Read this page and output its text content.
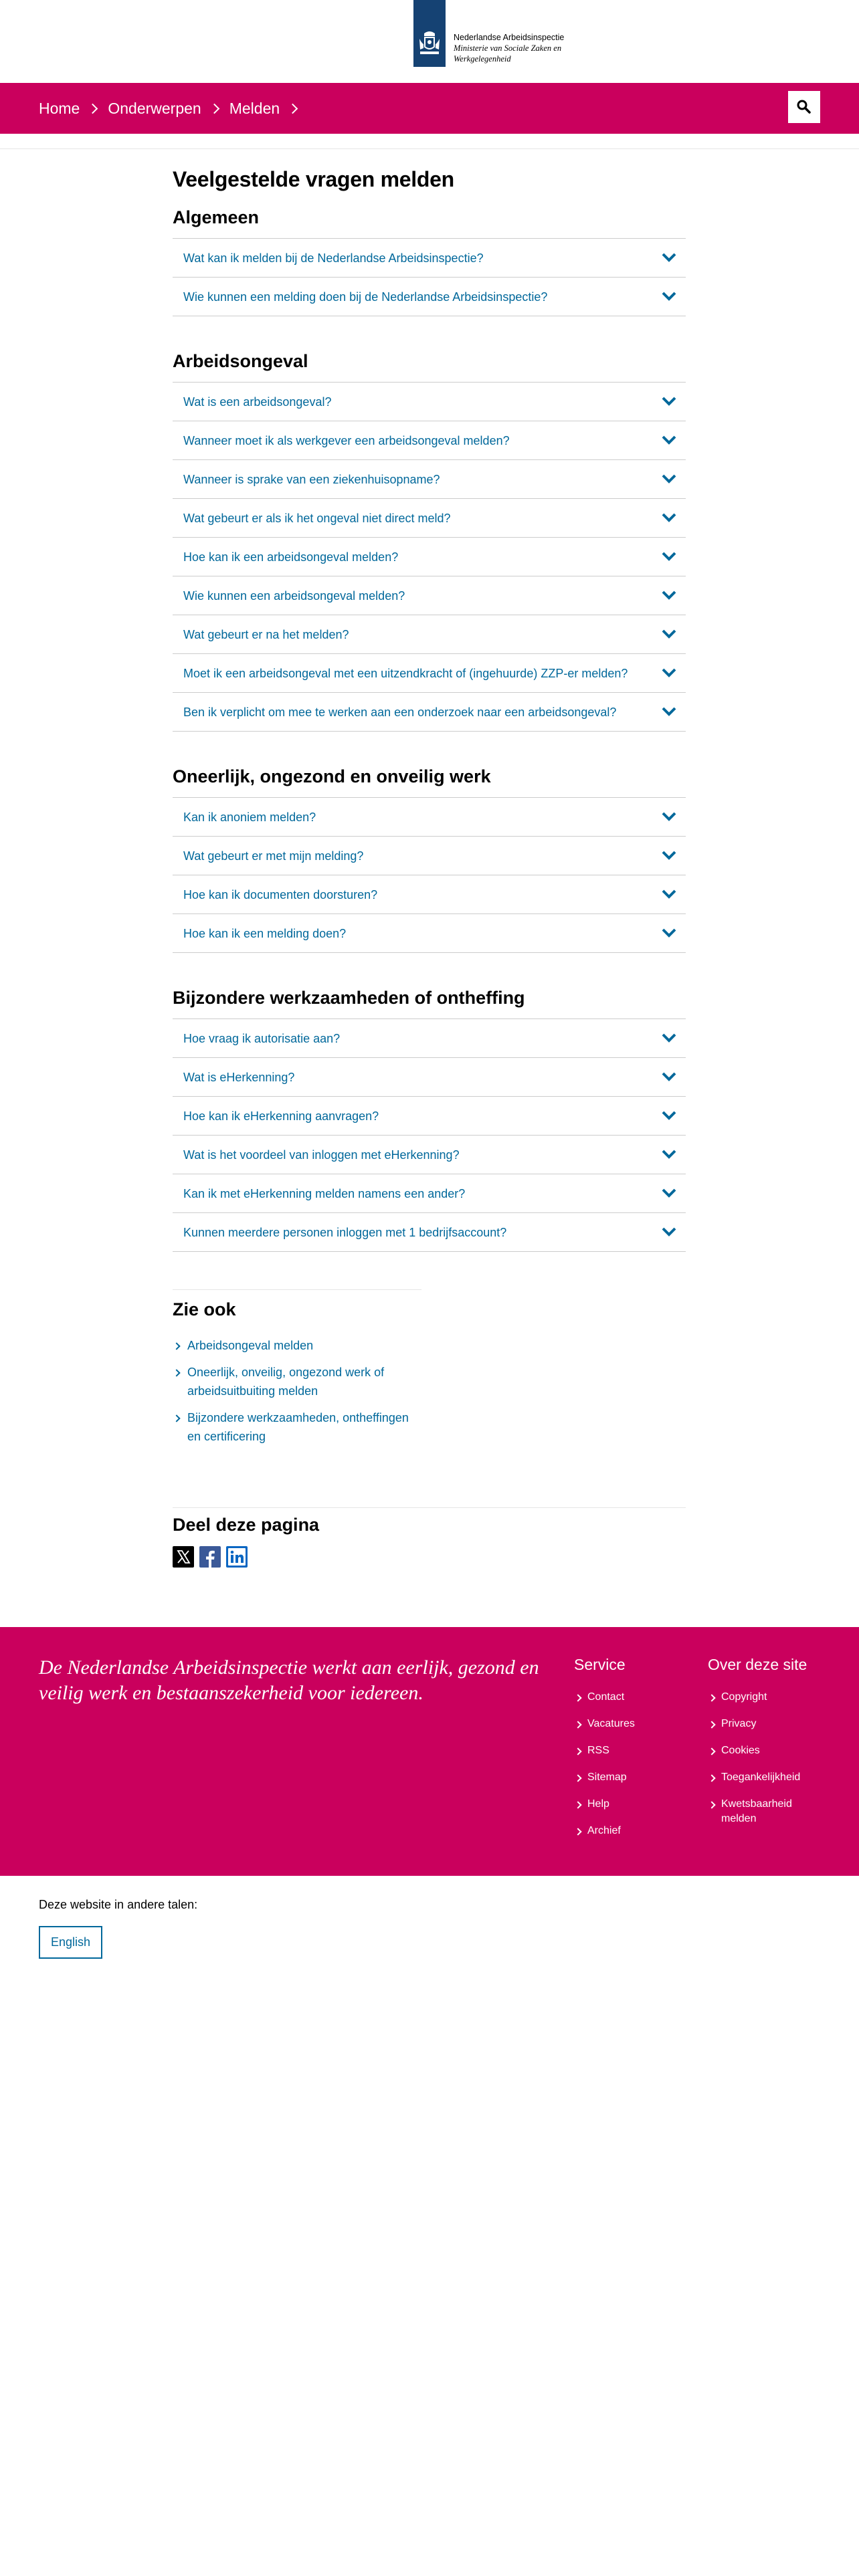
Nederlandse Arbeidsinspectie
Ministerie van Sociale Zaken en
Werkgelegenheid
Home Onderwerpen Melden
Veelgestelde vragen melden
Algemeen
Wat kan ik melden bij de Nederlandse Arbeidsinspectie?
Wie kunnen een melding doen bij de Nederlandse Arbeidsinspectie?
Arbeidsongeval
Wat is een arbeidsongeval?
Wanneer moet ik als werkgever een arbeidsongeval melden?
Wanneer is sprake van een ziekenhuisopname?
Wat gebeurt er als ik het ongeval niet direct meld?
Hoe kan ik een arbeidsongeval melden?
Wie kunnen een arbeidsongeval melden?
Wat gebeurt er na het melden?
Moet ik een arbeidsongeval met een uitzendkracht of (ingehuurde) ZZP-er melden?
Ben ik verplicht om mee te werken aan een onderzoek naar een arbeidsongeval?
Oneerlijk, ongezond en onveilig werk
Kan ik anoniem melden?
Wat gebeurt er met mijn melding?
Hoe kan ik documenten doorsturen?
Hoe kan ik een melding doen?
Bijzondere werkzaamheden of ontheffing
Hoe vraag ik autorisatie aan?
Wat is eHerkenning?
Hoe kan ik eHerkenning aanvragen?
Wat is het voordeel van inloggen met eHerkenning?
Kan ik met eHerkenning melden namens een ander?
Kunnen meerdere personen inloggen met 1 bedrijfsaccount?
Zie ook
Arbeidsongeval melden
Oneerlijk, onveilig, ongezond werk of arbeidsuitbuiting melden
Bijzondere werkzaamheden, ontheffingen en certificering
Deel deze pagina

De Nederlandse Arbeidsinspectie werkt aan eerlijk, gezond en veilig werk en bestaanszekerheid voor iedereen.

Service
Contact
Vacatures
RSS
Sitemap
Help
Archief
Over deze site
Copyright
Privacy
Cookies
Toegankelijkheid
Kwetsbaarheid melden

Deze website in andere talen:

English
